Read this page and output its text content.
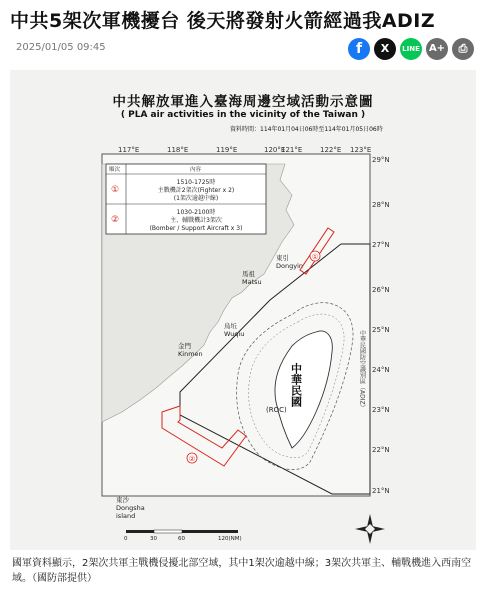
中共5架次軍機擾台 後天將發射火箭經過我ADIZ
2025/01/05 09:45	f	X	LINE A+	⎙
中共解放軍進入臺海周邊空域活動示意圖
( PLA air activities in the vicinity of the Taiwan )
資料時間：114年01月04日06時至114年01月05日06時
117°E	118°E	119°E	120°E
121°E	122°E 123°E
29°N
28°N
27°N
26°N
25°N
24°N
23°N
22°N
21°N
順次	內容
①
1510-1725時
主戰機計2架次(Fighter x 2)
(1架次逾越中線)
②
1030-2100時
主、輔戰機計3架次
(Bomber / Support Aircraft x 3)
中華民國防空識別區（ADIZ）
中華民國
(ROC)
東引
Dongyin
馬祖
Matsu
烏坵
Wuqiu
金門
Kinmen
東沙
Dongsha
island
①
②
0	30	60	120(NM)
國軍資料顯示，2架次共軍主戰機侵擾北部空域，其中1架次逾越中線；3架次共軍主、輔戰機進入西南空域。（國防部提供）
